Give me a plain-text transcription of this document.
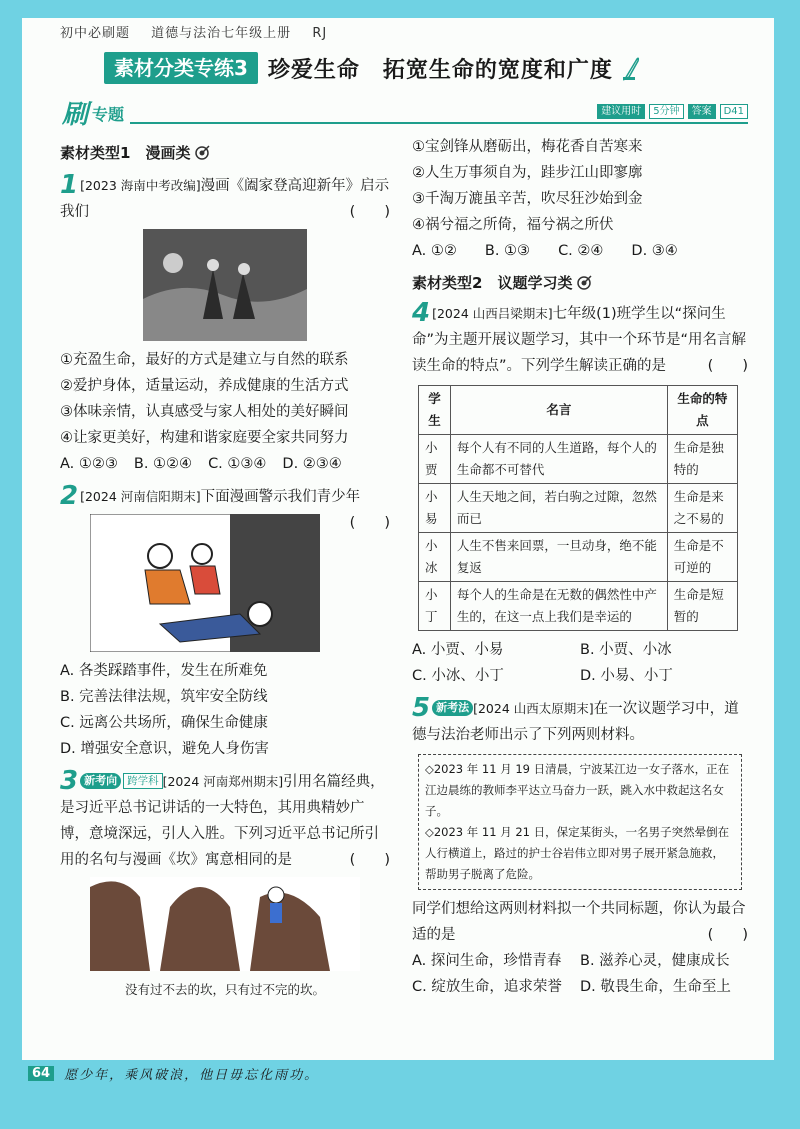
初中必刷题 道德与法治七年级上册 RJ
素材分类专练3 珍爱生命　拓宽生命的宽度和广度
刷 专题	建议用时	5分钟	答案	D41
素材类型1　漫画类
1 [2023 海南中考改编]漫画《阖家登高迎新年》启示我们	(　　)
①充盈生命，最好的方式是建立与自然的联系
②爱护身体，适量运动，养成健康的生活方式
③体味亲情，认真感受与家人相处的美好瞬间
④让家更美好，构建和谐家庭要全家共同努力
A. ①②③ B. ①②④ C. ①③④ D. ②③④
2 [2024 河南信阳期末]下面漫画警示我们青少年
(　　)
A. 各类踩踏事件，发生在所难免
B. 完善法律法规，筑牢安全防线
C. 远离公共场所，确保生命健康
D. 增强安全意识，避免人身伤害
3 新考向 跨学科 [2024 河南郑州期末]引用名篇经典，是习近平总书记讲话的一大特色，其用典精妙广博，意境深远，引人入胜。下列习近平总书记所引用的名句与漫画《坎》寓意相同的是	(　　)
没有过不去的坎，只有过不完的坎。
①宝剑锋从磨砺出，梅花香自苦寒来
②人生万事须自为，跬步江山即寥廓
③千淘万漉虽辛苦，吹尽狂沙始到金
④祸兮福之所倚，福兮祸之所伏
A. ①② B. ①③ C. ②④ D. ③④
素材类型2　议题学习类
4 [2024 山西吕梁期末]七年级(1)班学生以“探问生命”为主题开展议题学习，其中一个环节是“用名言解读生命的特点”。下列学生解读正确的是	(　　)
学生	名言	生命的特点
小贾	每个人有不同的人生道路，每个人的生命都不可替代	生命是独特的
小易	人生天地之间，若白驹之过隙，忽然而已	生命是来之不易的
小冰	人生不售来回票，一旦动身，绝不能复返	生命是不可逆的
小丁	每个人的生命是在无数的偶然性中产生的，在这一点上我们是幸运的	生命是短暂的
A. 小贾、小易	B. 小贾、小冰
C. 小冰、小丁	D. 小易、小丁
5 新考法 [2024 山西太原期末]在一次议题学习中，道德与法治老师出示了下列两则材料。
◇2023 年 11 月 19 日清晨，宁波某江边一女子落水，正在江边晨练的教师李平达立马奋力一跃，跳入水中救起这名女子。
◇2023 年 11 月 21 日，保定某街头，一名男子突然晕倒在人行横道上，路过的护士谷岩伟立即对男子展开紧急施救，帮助男子脱离了危险。
同学们想给这两则材料拟一个共同标题，你认为最合适的是	(　　)
A. 探问生命，珍惜青春	B. 滋养心灵，健康成长
C. 绽放生命，追求荣誉	D. 敬畏生命，生命至上
64	愿少年，乘风破浪，他日毋忘化雨功。
